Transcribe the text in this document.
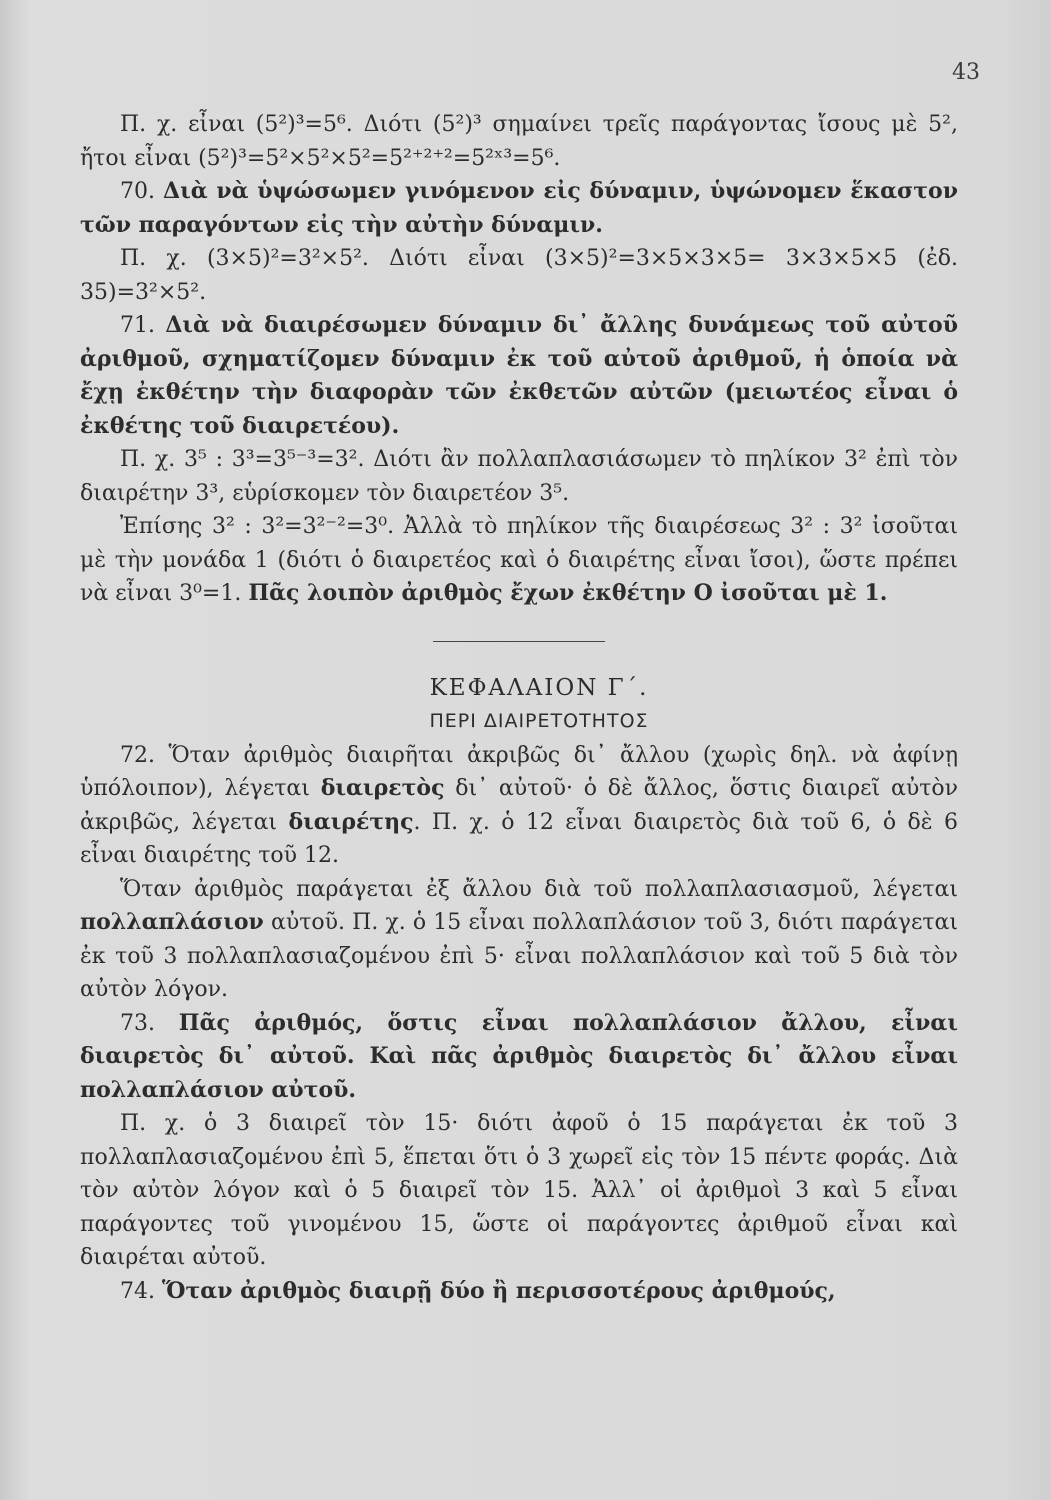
43

Π. χ. εἶναι (5²)³=5⁶. Διότι (5²)³ σημαίνει τρεῖς παράγοντας ἴσους μὲ 5², ἤτοι εἶναι (5²)³=5²×5²×5²=5²⁺²⁺²=5²ˣ³=5⁶.

70. Διὰ νὰ ὑψώσωμεν γινόμενον εἰς δύναμιν, ὑψώνομεν ἕκαστον τῶν παραγόντων εἰς τὴν αὐτὴν δύναμιν.

Π. χ. (3×5)²=3²×5². Διότι εἶναι (3×5)²=3×5×3×5= 3×3×5×5 (ἐδ. 35)=3²×5².

71. Διὰ νὰ διαιρέσωμεν δύναμιν δι᾿ ἄλλης δυνάμεως τοῦ αὐτοῦ ἀριθμοῦ, σχηματίζομεν δύναμιν ἐκ τοῦ αὐτοῦ ἀριθμοῦ, ἡ ὁποία νὰ ἔχῃ ἐκθέτην τὴν διαφορὰν τῶν ἐκθετῶν αὐτῶν (μειωτέος εἶναι ὁ ἐκθέτης τοῦ διαιρετέου).

Π. χ. 3⁵ : 3³=3⁵⁻³=3². Διότι ἂν πολλαπλασιάσωμεν τὸ πηλίκον 3² ἐπὶ τὸν διαιρέτην 3³, εὑρίσκομεν τὸν διαιρετέον 3⁵.

Ἐπίσης 3² : 3²=3²⁻²=3⁰. Ἀλλὰ τὸ πηλίκον τῆς διαιρέσεως 3² : 3² ἰσοῦται μὲ τὴν μονάδα 1 (διότι ὁ διαιρετέος καὶ ὁ διαιρέτης εἶναι ἴσοι), ὥστε πρέπει νὰ εἶναι 3⁰=1. Πᾶς λοιπὸν ἀριθμὸς ἔχων ἐκθέτην Ο ἰσοῦται μὲ 1.

ΚΕΦΑΛΑΙΟΝ Γ΄.

ΠΕΡΙ ΔΙΑΙΡΕΤΟΤΗΤΟΣ

72. Ὅταν ἀριθμὸς διαιρῆται ἀκριβῶς δι᾿ ἄλλου (χωρὶς δηλ. νὰ ἀφίνῃ ὑπόλοιπον), λέγεται διαιρετὸς δι᾿ αὐτοῦ· ὁ δὲ ἄλλος, ὅστις διαιρεῖ αὐτὸν ἀκριβῶς, λέγεται διαιρέτης. Π. χ. ὁ 12 εἶναι διαιρετὸς διὰ τοῦ 6, ὁ δὲ 6 εἶναι διαιρέτης τοῦ 12.

Ὅταν ἀριθμὸς παράγεται ἐξ ἄλλου διὰ τοῦ πολλαπλασιασμοῦ, λέγεται πολλαπλάσιον αὐτοῦ. Π. χ. ὁ 15 εἶναι πολλαπλάσιον τοῦ 3, διότι παράγεται ἐκ τοῦ 3 πολλαπλασιαζομένου ἐπὶ 5· εἶναι πολλαπλάσιον καὶ τοῦ 5 διὰ τὸν αὐτὸν λόγον.

73. Πᾶς ἀριθμός, ὅστις εἶναι πολλαπλάσιον ἄλλου, εἶναι διαιρετὸς δι᾿ αὐτοῦ. Καὶ πᾶς ἀριθμὸς διαιρετὸς δι᾿ ἄλλου εἶναι πολλαπλάσιον αὐτοῦ.

Π. χ. ὁ 3 διαιρεῖ τὸν 15· διότι ἀφοῦ ὁ 15 παράγεται ἐκ τοῦ 3 πολλαπλασιαζομένου ἐπὶ 5, ἕπεται ὅτι ὁ 3 χωρεῖ εἰς τὸν 15 πέντε φοράς. Διὰ τὸν αὐτὸν λόγον καὶ ὁ 5 διαιρεῖ τὸν 15. Ἀλλ᾿ οἱ ἀριθμοὶ 3 καὶ 5 εἶναι παράγοντες τοῦ γινομένου 15, ὥστε οἱ παράγοντες ἀριθμοῦ εἶναι καὶ διαιρέται αὐτοῦ.

74. Ὅταν ἀριθμὸς διαιρῇ δύο ἢ περισσοτέρους ἀριθμούς,
